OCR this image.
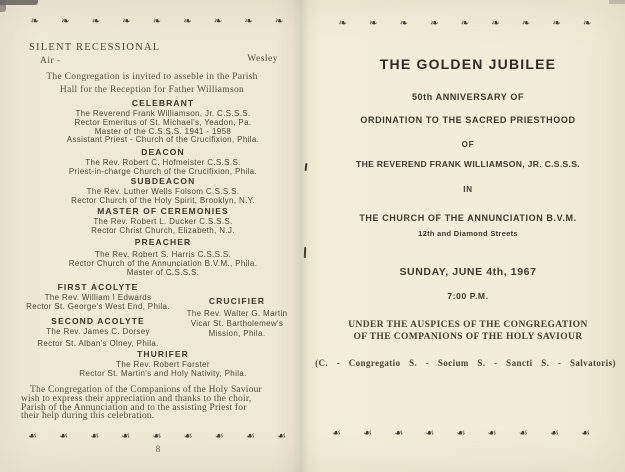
❧ ❧ ❧ ❧ ❧ ❧ ❧ ❧ ❧
SILENT RECESSIONAL
Air -	Wesley
The Congregation is invited to asseble in the Parish
Hall for the Reception for Father Williamson
CELEBRANT
The Reverend Frank Williamson, Jr. C.S.S.S.
Rector Emeritus of St. Michael's, Yeadon, Pa.
Master of the C.S.S.S. 1941 - 1958
Assistant Priest - Church of the Crucifixion, Phila.
DEACON
The Rev. Robert C. Hofmeister C.S.S.S.
Priest-in-charge Church of the Crucifixion, Phila.
SUBDEACON
The Rev. Luther Wells Folsom C.S.S.S.
Rector Church of the Holy Spirit, Brooklyn, N.Y.
MASTER OF CEREMONIES
The Rev. Robert L. Ducker C.S.S.S.
Rector Christ Church, Elizabeth, N.J.
PREACHER
The Rev. Robert S. Harris C.S.S.S.
Rector Church of the Annunciation B.V.M., Phila.
Master of C.S.S.S.
FIRST ACOLYTE
The Rev. William I Edwards
Rector St. George's West End, Phila.
SECOND ACOLYTE
The Rev. James C. Dorsey
Rector St. Alban's Olney, Phila.
CRUCIFIER
The Rev. Walter G. Martin
Vicar St. Bartholemew's
Mission, Phila.
THURIFER
The Rev. Robert Forster
Rector St. Martin's and Holy Nativity, Phila.
The Congregation of the Companions of the Holy Saviour
wish to express their appreciation and thanks to the choir,
Parish of the Annunciation and to the assisting Priest for
their help during this celebration.
☙ ☙ ☙ ☙ ☙ ☙ ☙ ☙ ☙
8
❧ ❧ ❧ ❧ ❧ ❧ ❧ ❧ ❧
THE GOLDEN JUBILEE
50th ANNIVERSARY OF
ORDINATION TO THE SACRED PRIESTHOOD
OF
THE REVEREND FRANK WILLIAMSON, JR. C.S.S.S.
IN
THE CHURCH OF THE ANNUNCIATION B.V.M.
12th and Diamond Streets
SUNDAY, JUNE 4th, 1967
7:00 P.M.
UNDER THE AUSPICES OF THE CONGREGATION
OF THE COMPANIONS OF THE HOLY SAVIOUR
(C. - Congregatio S. - Socium S. - Sancti S. - Salvatoris)
☙ ☙ ☙ ☙ ☙ ☙ ☙ ☙ ☙
